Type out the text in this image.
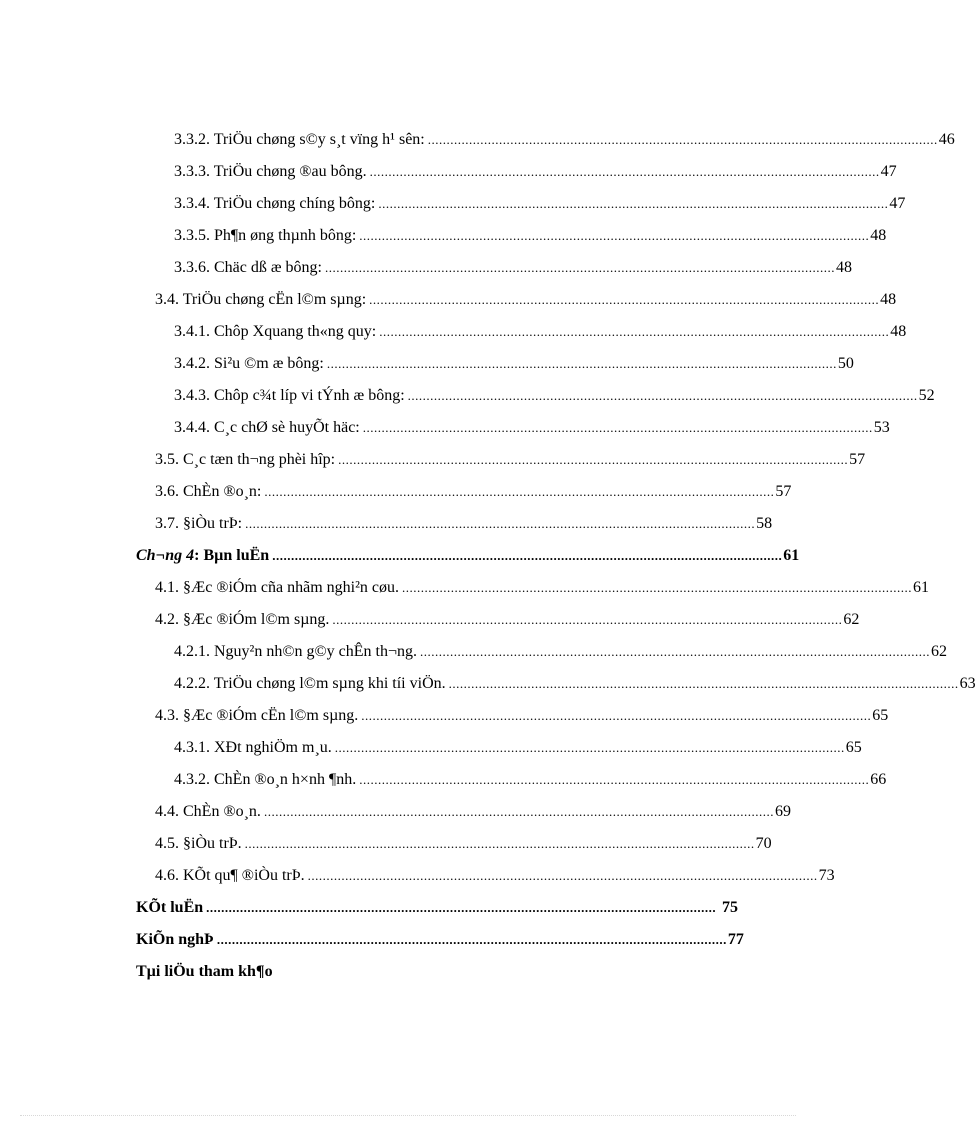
3.3.2. TriÖu chøng s©y s¸t vïng h¹ sên: ........................................................................................................................................ 46
3.3.3. TriÖu chøng ®au bông. ........................................................................................................................................ 47
3.3.4. TriÖu chøng chíng bông: ........................................................................................................................................ 47
3.3.5. Ph¶n øng thµnh bông: ........................................................................................................................................ 48
3.3.6. Chäc dß æ bông: ........................................................................................................................................ 48
3.4. TriÖu chøng cËn l©m sµng: ........................................................................................................................................ 48
3.4.1. Chôp Xquang th«ng quy: ........................................................................................................................................ 48
3.4.2. Si²u ©m æ bông: ........................................................................................................................................ 50
3.4.3. Chôp c¾t líp vi tÝnh æ bông: ........................................................................................................................................ 52
3.4.4. C¸c chØ sè huyÕt häc: ........................................................................................................................................ 53
3.5. C¸c tæn th¬ng phèi hîp: ........................................................................................................................................ 57
3.6. ChÈn ®o¸n: ........................................................................................................................................ 57
3.7. §iÒu trÞ: ........................................................................................................................................ 58
Ch¬ng 4: Bµn luËn ........................................................................................................................................ 61
4.1. §Æc ®iÓm cña nhãm nghi²n cøu. ........................................................................................................................................ 61
4.2. §Æc ®iÓm l©m sµng. ........................................................................................................................................ 62
4.2.1. Nguy²n nh©n g©y chÊn th¬ng. ........................................................................................................................................ 62
4.2.2. TriÖu chøng l©m sµng khi tíi viÖn. ........................................................................................................................................ 63
4.3. §Æc ®iÓm cËn l©m sµng. ........................................................................................................................................ 65
4.3.1. XÐt nghiÖm m¸u. ........................................................................................................................................ 65
4.3.2. ChÈn ®o¸n h×nh ¶nh. ........................................................................................................................................ 66
4.4. ChÈn ®o¸n. ........................................................................................................................................ 69
4.5. §iÒu trÞ. ........................................................................................................................................ 70
4.6. KÕt qu¶ ®iÒu trÞ. ........................................................................................................................................ 73
KÕt luËn ........................................................................................................................................ 75
KiÕn nghÞ ........................................................................................................................................ 77
Tµi liÖu tham kh¶o
